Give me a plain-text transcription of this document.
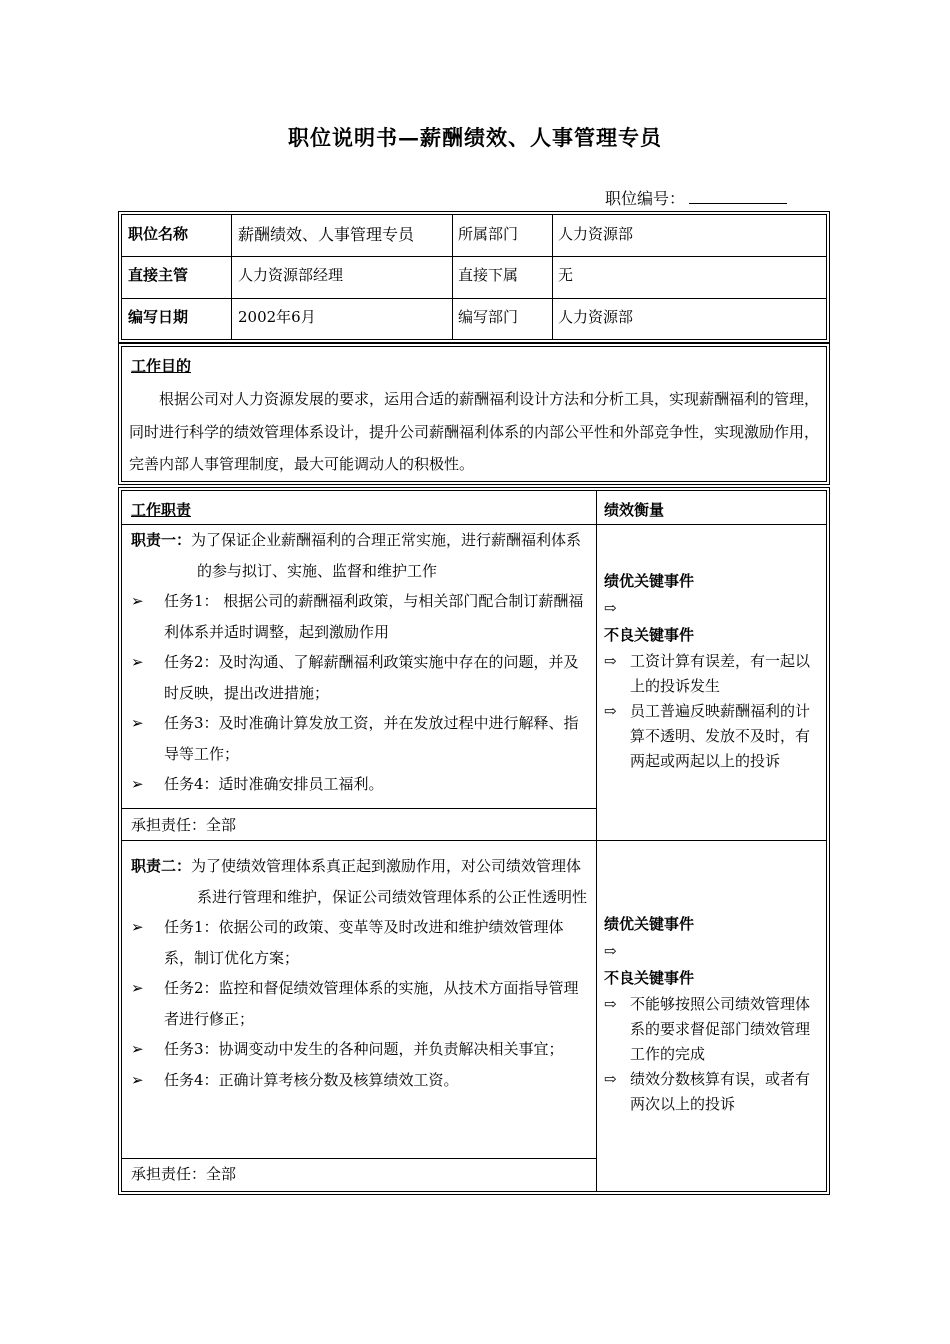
职位说明书—薪酬绩效、人事管理专员
职位编号：
职位名称	薪酬绩效、人事管理专员	所属部门	人力资源部
直接主管	人力资源部经理	直接下属	无
编写日期	2002年6月	编写部门	人力资源部
工作目的

根据公司对人力资源发展的要求，运用合适的薪酬福利设计方法和分析工具，实现薪酬福利的管理，同时进行科学的绩效管理体系设计，提升公司薪酬福利体系的内部公平性和外部竞争性，实现激励作用，完善内部人事管理制度，最大可能调动人的积极性。

工作职责	绩效衡量
职责一：为了保证企业薪酬福利的合理正常实施，进行薪酬福利体系的参与拟订、实施、监督和维护工作
➢ 任务1： 根据公司的薪酬福利政策，与相关部门配合制订薪酬福利体系并适时调整，起到激励作用
➢ 任务2：及时沟通、了解薪酬福利政策实施中存在的问题，并及时反映，提出改进措施；
➢ 任务3：及时准确计算发放工资，并在发放过程中进行解释、指导等工作；
➢ 任务4：适时准确安排员工福利。
承担责任：全部
绩优关键事件
⇨
不良关键事件
⇨ 工资计算有误差，有一起以上的投诉发生
⇨ 员工普遍反映薪酬福利的计算不透明、发放不及时，有两起或两起以上的投诉
职责二：为了使绩效管理体系真正起到激励作用，对公司绩效管理体系进行管理和维护，保证公司绩效管理体系的公正性透明性
➢ 任务1：依据公司的政策、变革等及时改进和维护绩效管理体系，制订优化方案；
➢ 任务2：监控和督促绩效管理体系的实施，从技术方面指导管理者进行修正；
➢ 任务3：协调变动中发生的各种问题，并负责解决相关事宜；
➢ 任务4：正确计算考核分数及核算绩效工资。
承担责任：全部
绩优关键事件
⇨
不良关键事件
⇨ 不能够按照公司绩效管理体系的要求督促部门绩效管理工作的完成
⇨ 绩效分数核算有误，或者有两次以上的投诉
